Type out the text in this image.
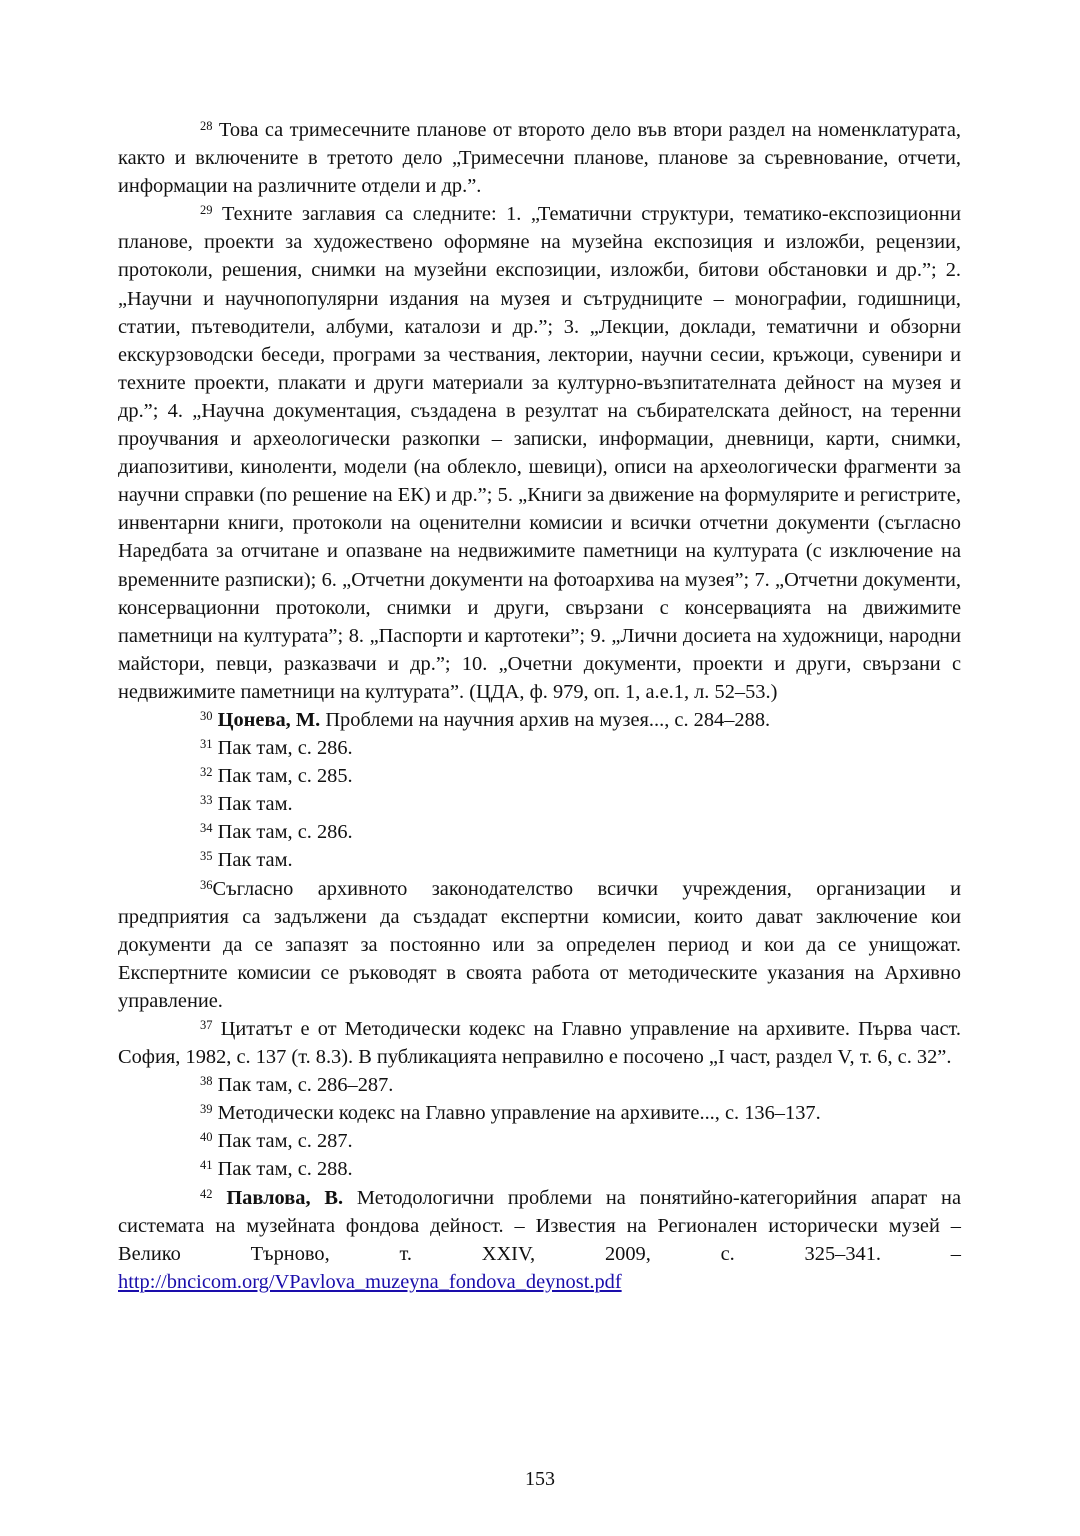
$^{28}$ Това са тримесечните планове от второто дело във втори раздел на номенклатурата, както и включените в третото дело „Тримесечни планове, планове за съревнование, отчети, информации на различните отдели и др.”.

$^{29}$ Техните заглавия са следните: 1. „Тематични структури, тематико-експозиционни планове, проекти за художествено оформяне на музейна експозиция и изложби, рецензии, протоколи, решения, снимки на музейни експозиции, изложби, битови обстановки и др.”; 2. „Научни и научнопопулярни издания на музея и сътрудниците – монографии, годишници, статии, пътеводители, албуми, каталози и др.”; 3. „Лекции, доклади, тематични и обзорни екскурзоводски беседи, програми за чествания, лектории, научни сесии, кръжоци, сувенири и техните проекти, плакати и други материали за културно-възпитателната дейност на музея и др.”; 4. „Научна документация, създадена в резултат на събирателската дейност, на теренни проучвания и археологически разкопки – записки, информации, дневници, карти, снимки, диапозитиви, киноленти, модели (на облекло, шевици), описи на археологически фрагменти за научни справки (по решение на ЕК) и др.”; 5. „Книги за движение на формулярите и регистрите, инвентарни книги, протоколи на оценителни комисии и всички отчетни документи (съгласно Наредбата за отчитане и опазване на недвижимите паметници на културата (с изключение на временните разписки); 6. „Отчетни документи на фотоархива на музея”; 7. „Отчетни документи, консервационни протоколи, снимки и други, свързани с консервацията на движимите паметници на културата”; 8. „Паспорти и картотеки”; 9. „Лични досиета на художници, народни майстори, певци, разказвачи и др.”; 10. „Очетни документи, проекти и други, свързани с недвижимите паметници на културата”. (ЦДА, ф. 979, оп. 1, а.е.1, л. 52–53.)

$^{30}$ Цонева, М. Проблеми на научния архив на музея..., с. 284–288.

$^{31}$ Пак там, с. 286.

$^{32}$ Пак там, с. 285.

$^{33}$ Пак там.

$^{34}$ Пак там, с. 286.

$^{35}$ Пак там.

$^{36}$Съгласно архивното законодателство всички учреждения, организации и предприятия са задължени да създадат експертни комисии, които дават заключение кои документи да се запазят за постоянно или за определен период и кои да се унищожат. Експертните комисии се ръководят в своята работа от методическите указания на Архивно управление.

$^{37}$ Цитатът е от Методически кодекс на Главно управление на архивите. Първа част. София, 1982, с. 137 (т. 8.3). В публикацията неправилно е посочено „I част, раздел V, т. 6, с. 32”.

$^{38}$ Пак там, с. 286–287.

$^{39}$ Методически кодекс на Главно управление на архивите..., с. 136–137.

$^{40}$ Пак там, с. 287.

$^{41}$ Пак там, с. 288.

$^{42}$ Павлова, В. Методологични проблеми на понятийно-категорийния апарат на системата на музейната фондова дейност. – Известия на Регионален исторически музей – Велико Търново, т. XXIV, 2009, с. 325–341. – http://bncicom.org/VPavlova_muzeyna_fondova_deynost.pdf

153
